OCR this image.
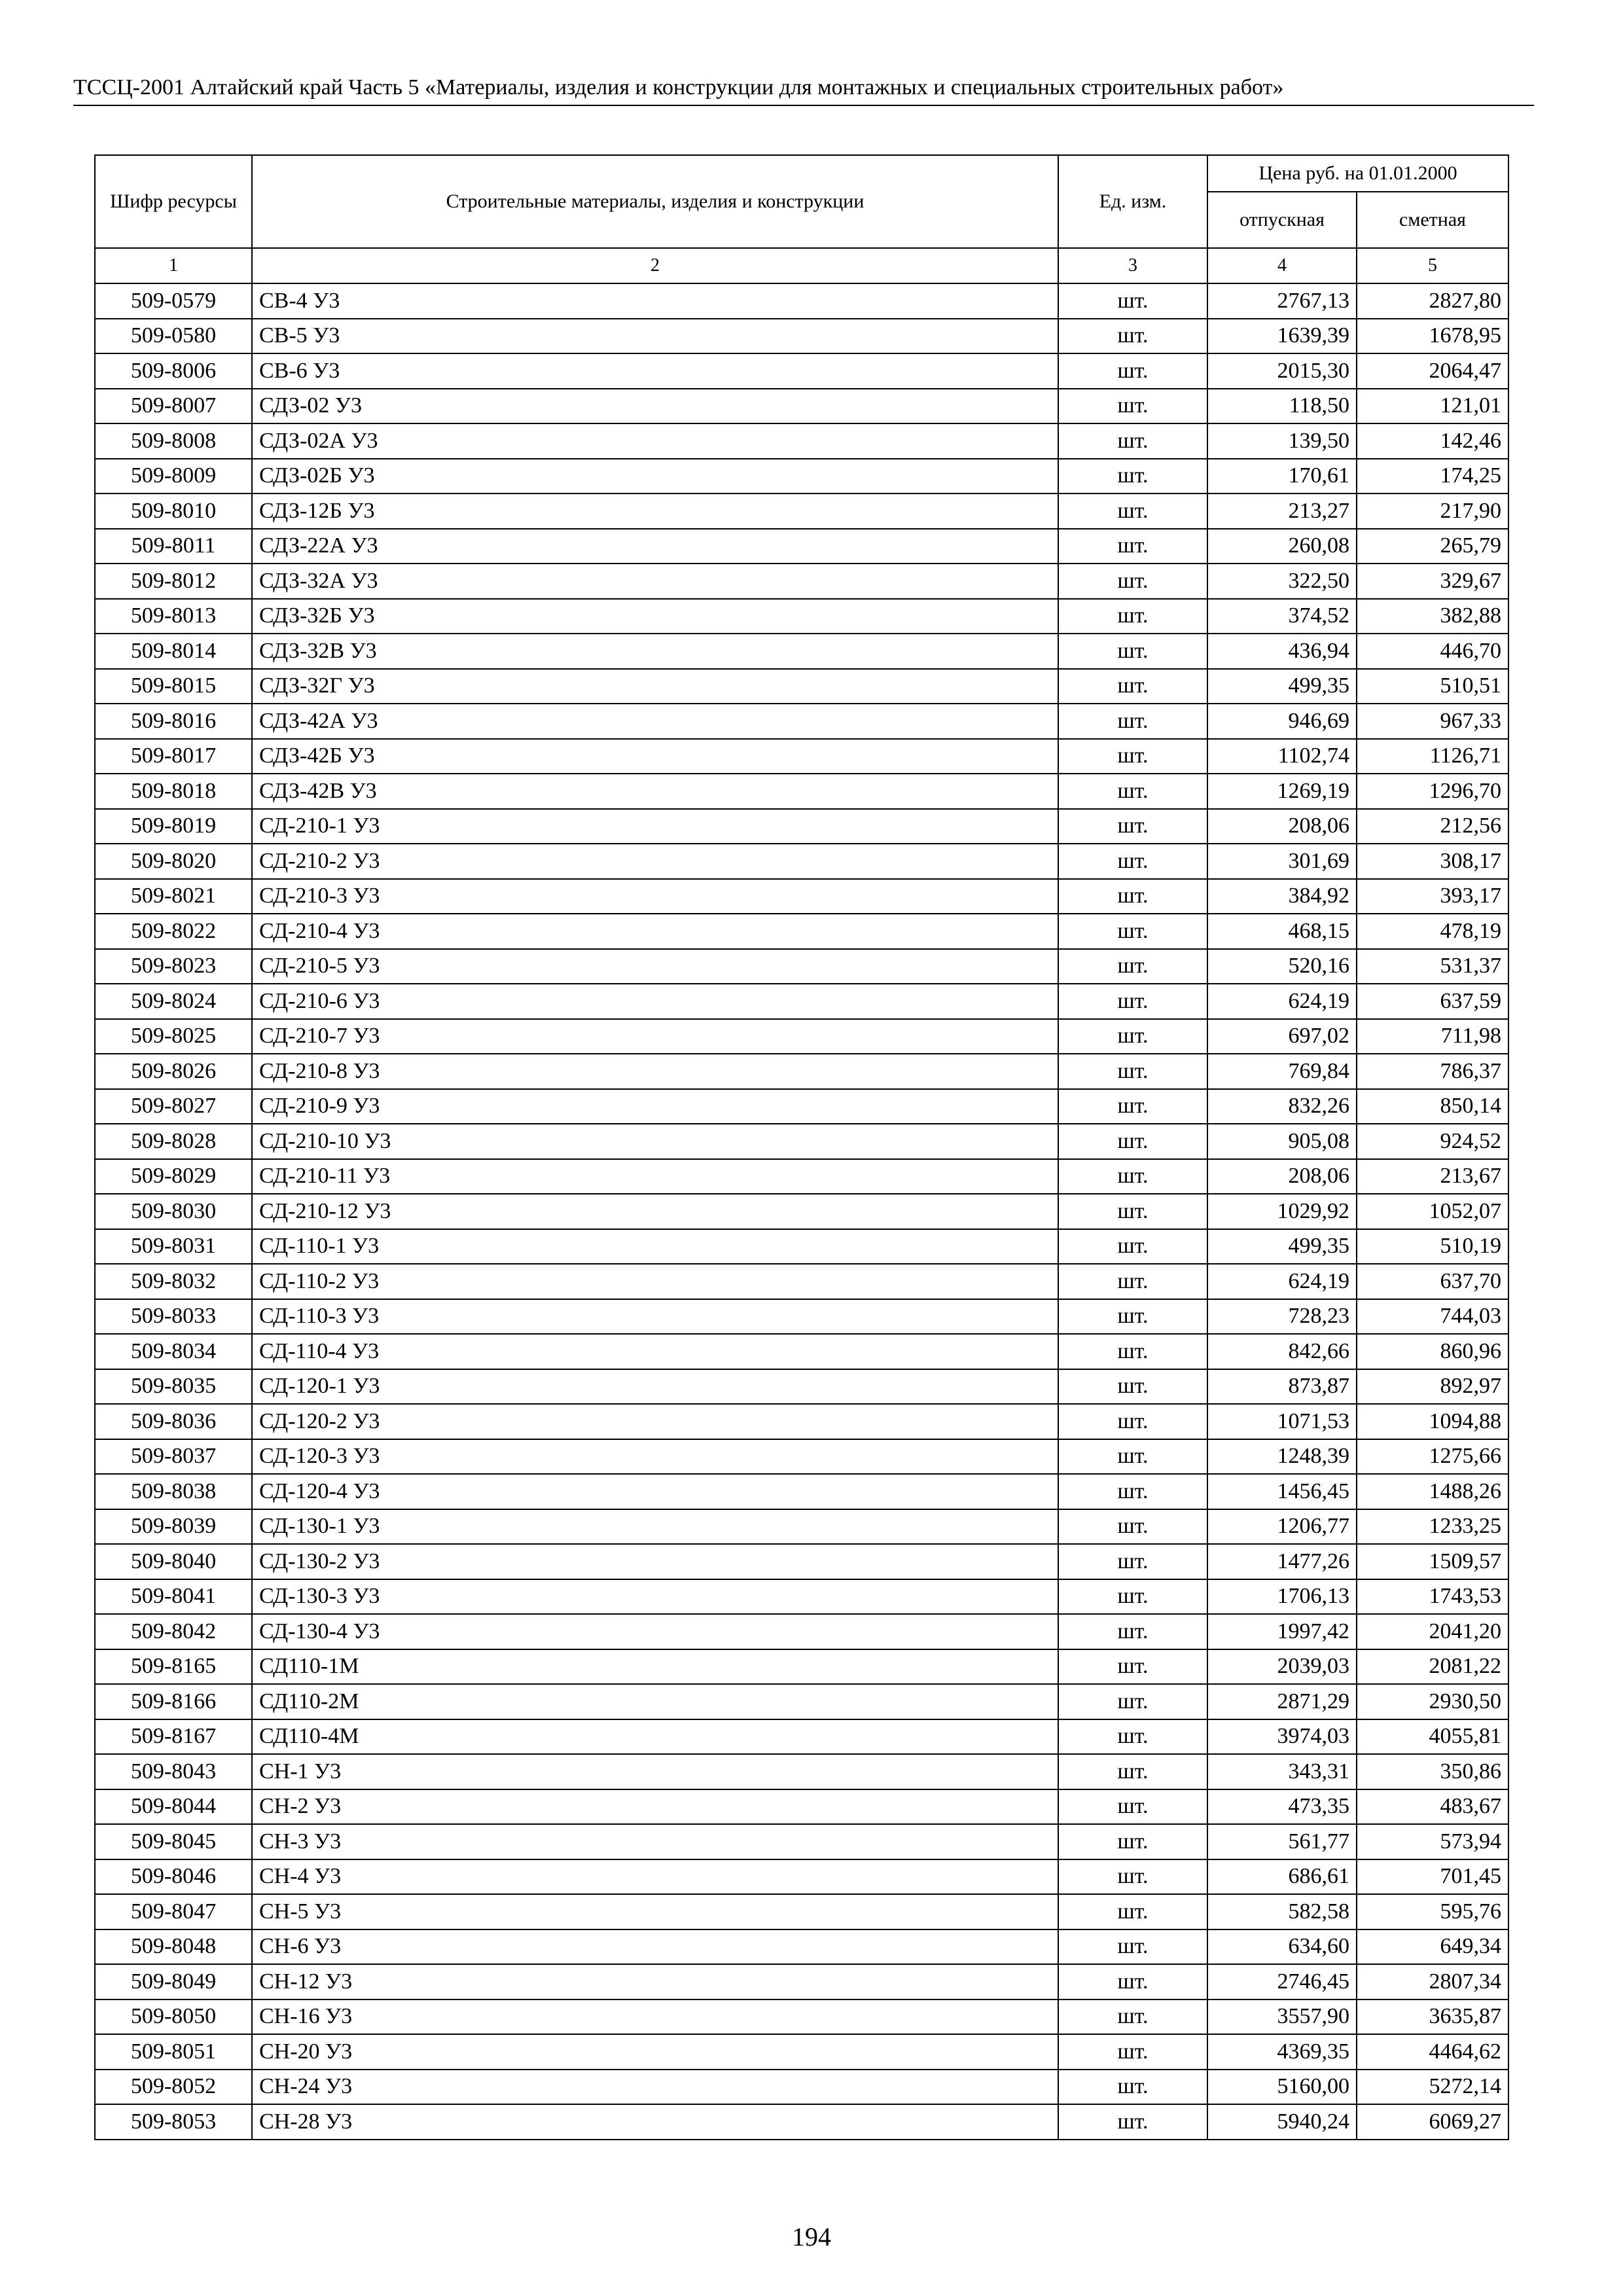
ТССЦ-2001 Алтайский край Часть 5 «Материалы, изделия и конструкции для монтажных и специальных строительных работ»
Шифр ресурсы	Строительные материалы, изделия и конструкции	Ед. изм.	Цена руб. на 01.01.2000	
			отпускная	сметная
1	2	3	4	5
509-0579	СВ-4 У3	шт.	2767,13	2827,80
509-0580	СВ-5 У3	шт.	1639,39	1678,95
509-8006	СВ-6 У3	шт.	2015,30	2064,47
509-8007	СДЗ-02 У3	шт.	118,50	121,01
509-8008	СДЗ-02А У3	шт.	139,50	142,46
509-8009	СДЗ-02Б У3	шт.	170,61	174,25
509-8010	СДЗ-12Б У3	шт.	213,27	217,90
509-8011	СДЗ-22А У3	шт.	260,08	265,79
509-8012	СДЗ-32А У3	шт.	322,50	329,67
509-8013	СДЗ-32Б У3	шт.	374,52	382,88
509-8014	СДЗ-32В У3	шт.	436,94	446,70
509-8015	СДЗ-32Г У3	шт.	499,35	510,51
509-8016	СДЗ-42А У3	шт.	946,69	967,33
509-8017	СДЗ-42Б У3	шт.	1102,74	1126,71
509-8018	СДЗ-42В У3	шт.	1269,19	1296,70
509-8019	СД-210-1 У3	шт.	208,06	212,56
509-8020	СД-210-2 У3	шт.	301,69	308,17
509-8021	СД-210-3 У3	шт.	384,92	393,17
509-8022	СД-210-4 У3	шт.	468,15	478,19
509-8023	СД-210-5 У3	шт.	520,16	531,37
509-8024	СД-210-6 У3	шт.	624,19	637,59
509-8025	СД-210-7 У3	шт.	697,02	711,98
509-8026	СД-210-8 У3	шт.	769,84	786,37
509-8027	СД-210-9 У3	шт.	832,26	850,14
509-8028	СД-210-10 У3	шт.	905,08	924,52
509-8029	СД-210-11 У3	шт.	208,06	213,67
509-8030	СД-210-12 У3	шт.	1029,92	1052,07
509-8031	СД-110-1 У3	шт.	499,35	510,19
509-8032	СД-110-2 У3	шт.	624,19	637,70
509-8033	СД-110-3 У3	шт.	728,23	744,03
509-8034	СД-110-4 У3	шт.	842,66	860,96
509-8035	СД-120-1 У3	шт.	873,87	892,97
509-8036	СД-120-2 У3	шт.	1071,53	1094,88
509-8037	СД-120-3 У3	шт.	1248,39	1275,66
509-8038	СД-120-4 У3	шт.	1456,45	1488,26
509-8039	СД-130-1 У3	шт.	1206,77	1233,25
509-8040	СД-130-2 У3	шт.	1477,26	1509,57
509-8041	СД-130-3 У3	шт.	1706,13	1743,53
509-8042	СД-130-4 У3	шт.	1997,42	2041,20
509-8165	СД110-1М	шт.	2039,03	2081,22
509-8166	СД110-2М	шт.	2871,29	2930,50
509-8167	СД110-4М	шт.	3974,03	4055,81
509-8043	СН-1 У3	шт.	343,31	350,86
509-8044	СН-2 У3	шт.	473,35	483,67
509-8045	СН-3 У3	шт.	561,77	573,94
509-8046	СН-4 У3	шт.	686,61	701,45
509-8047	СН-5 У3	шт.	582,58	595,76
509-8048	СН-6 У3	шт.	634,60	649,34
509-8049	СН-12 У3	шт.	2746,45	2807,34
509-8050	СН-16 У3	шт.	3557,90	3635,87
509-8051	СН-20 У3	шт.	4369,35	4464,62
509-8052	СН-24 У3	шт.	5160,00	5272,14
509-8053	СН-28 У3	шт.	5940,24	6069,27
194
